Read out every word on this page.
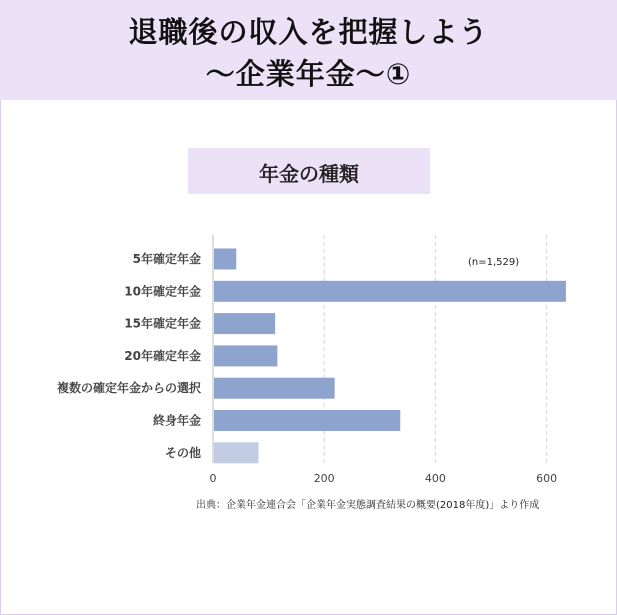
退職後の収入を把握しよう
～企業年金～①
年金の種類
0	200	400	600
5年確定年金
10年確定年金
15年確定年金
20年確定年金
複数の確定年金からの選択
終身年金
その他
(n=1,529)
出典：企業年金連合会「企業年金実態調査結果の概要(2018年度)」より作成
